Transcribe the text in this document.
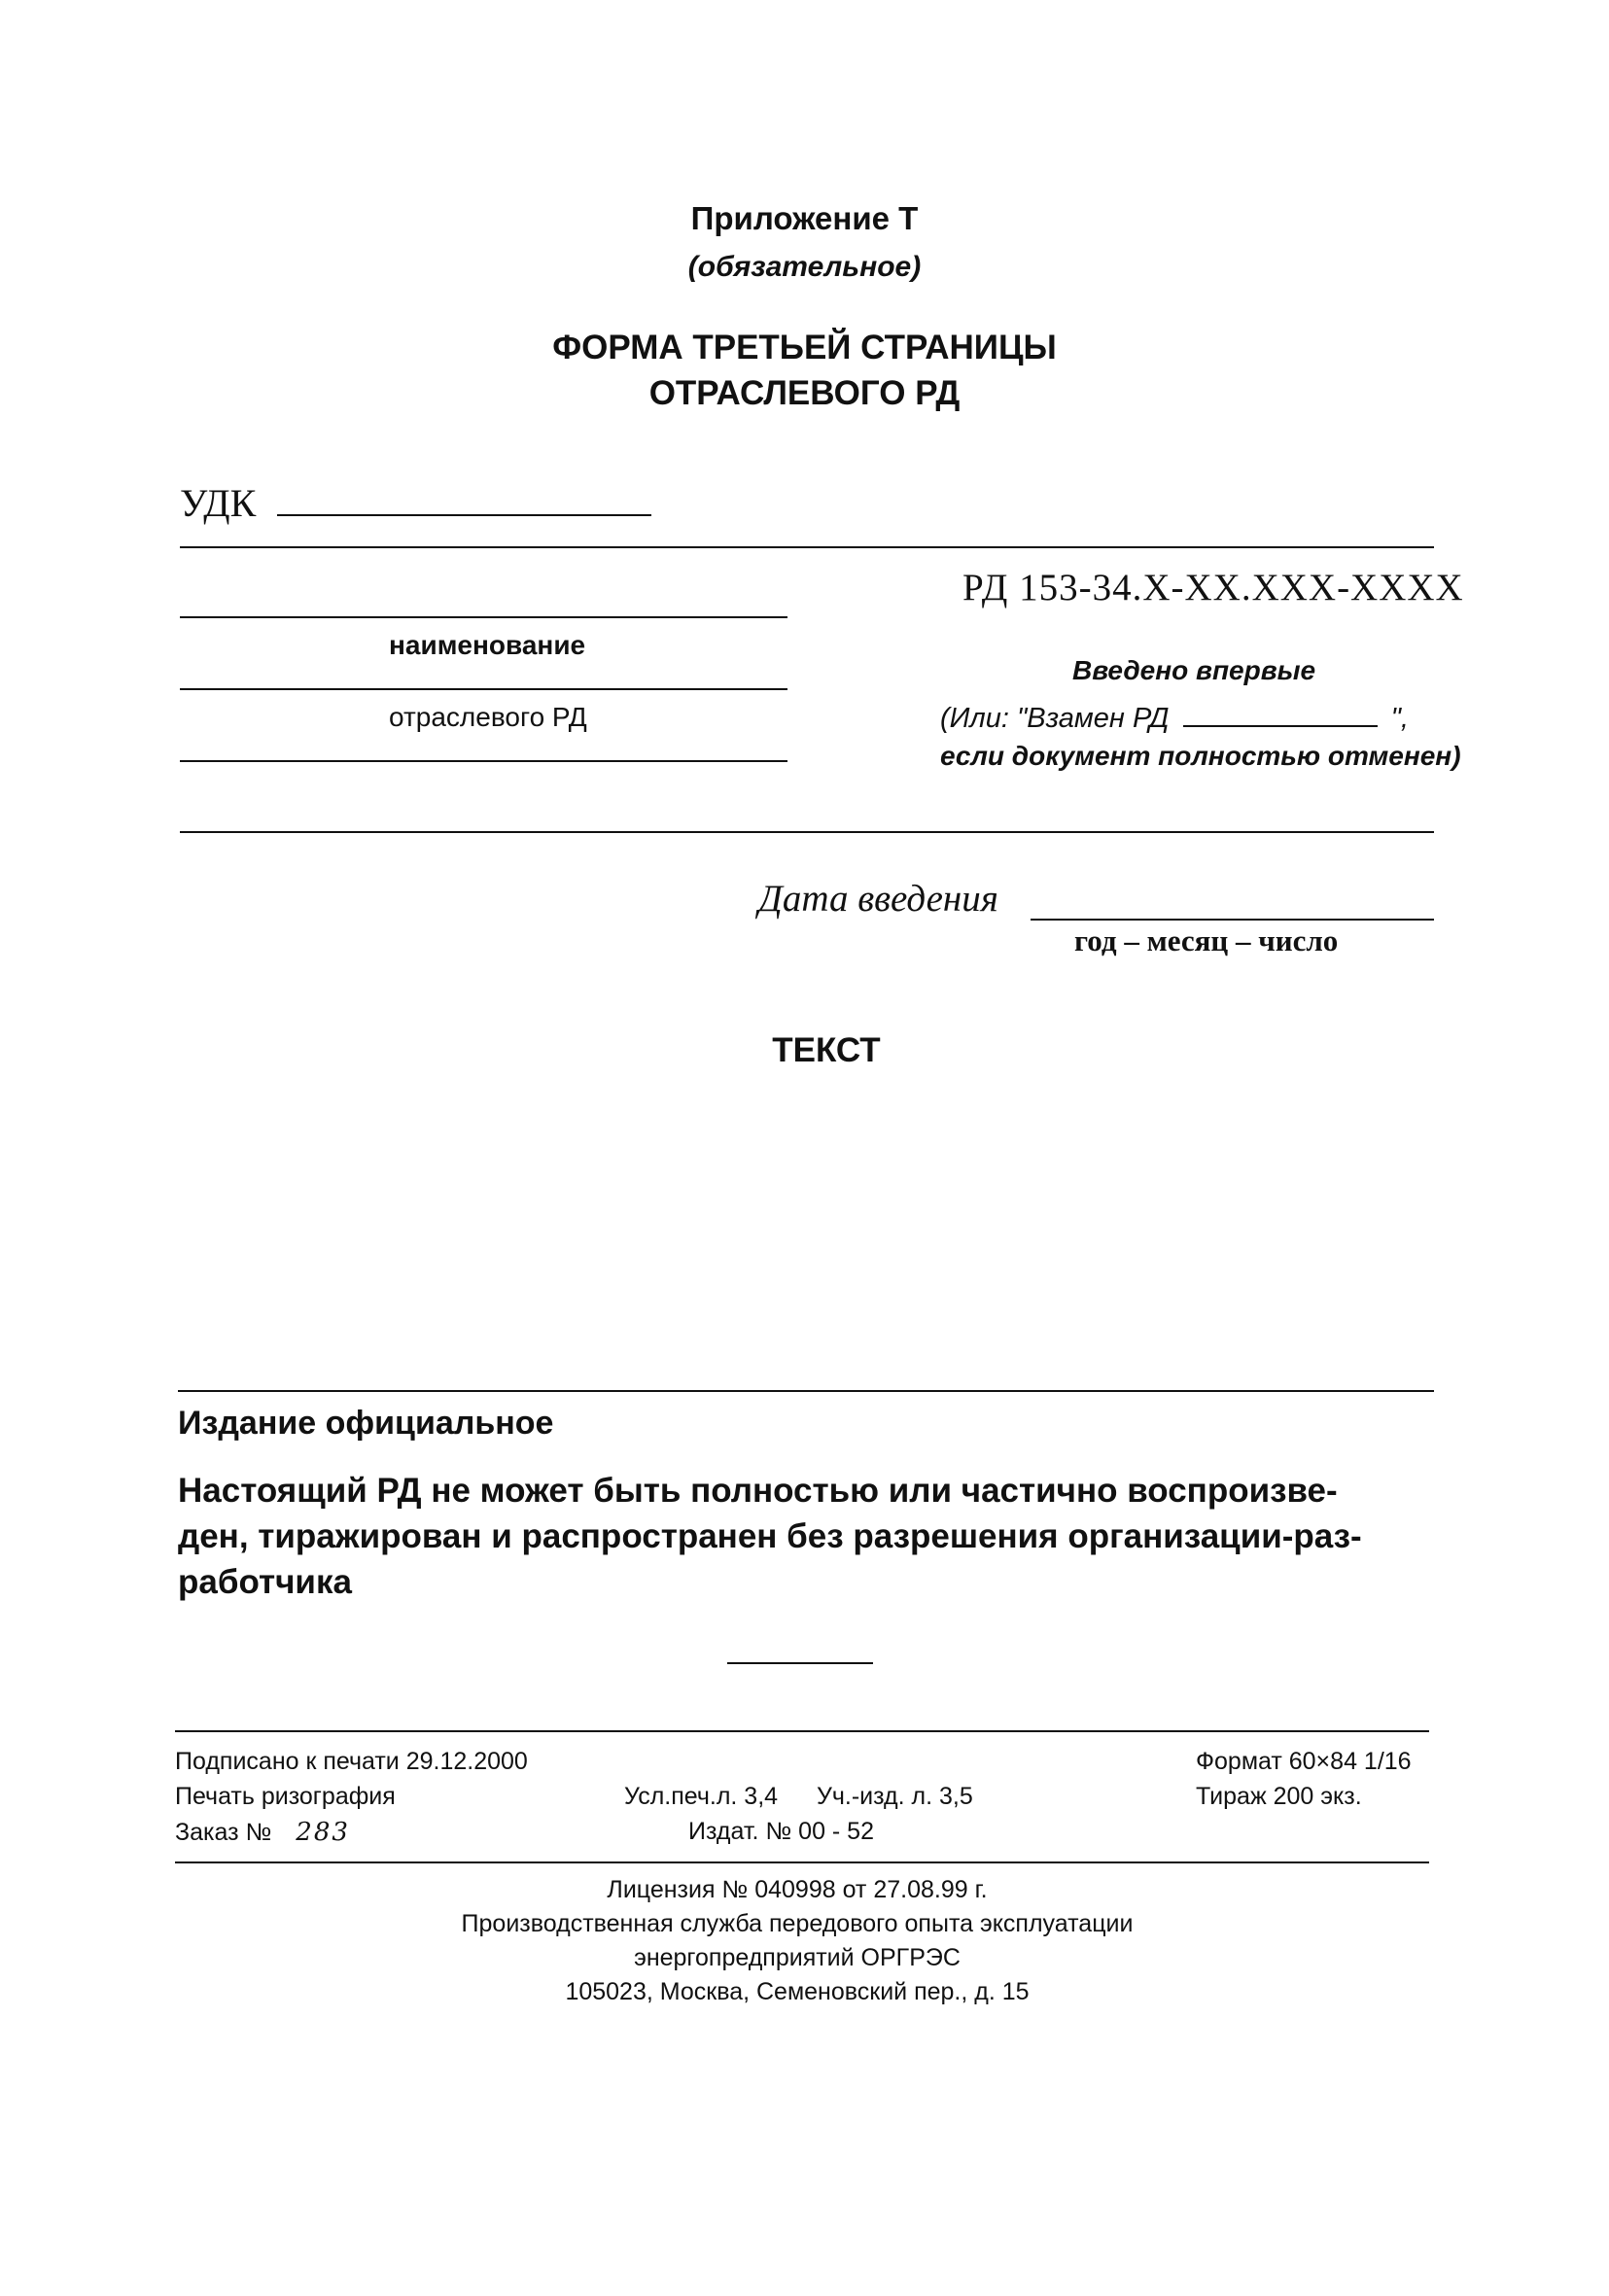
Приложение Т
(обязательное)
ФОРМА ТРЕТЬЕЙ СТРАНИЦЫ
ОТРАСЛЕВОГО РД
УДК
РД 153-34.Х-ХХ.ХХХ-ХХХХ
наименование
отраслевого РД
Введено впервые
(Или: "Взамен РД	",
если документ полностью отменен)
Дата введения
год – месяц – число
ТЕКСТ
Издание официальное
Настоящий РД не может быть полностью или частично воспроизве-
ден, тиражирован и распространен без разрешения организации-раз-
работчика
Подписано к печати 29.12.2000
Печать ризография
Заказ № 283
Усл.печ.л. 3,4 Уч.-изд. л. 3,5
Издат. № 00 - 52
Формат 60×84 1/16
Тираж 200 экз.
Лицензия № 040998 от 27.08.99 г.
Производственная служба передового опыта эксплуатации
энергопредприятий ОРГРЭС
105023, Москва, Семеновский пер., д. 15
